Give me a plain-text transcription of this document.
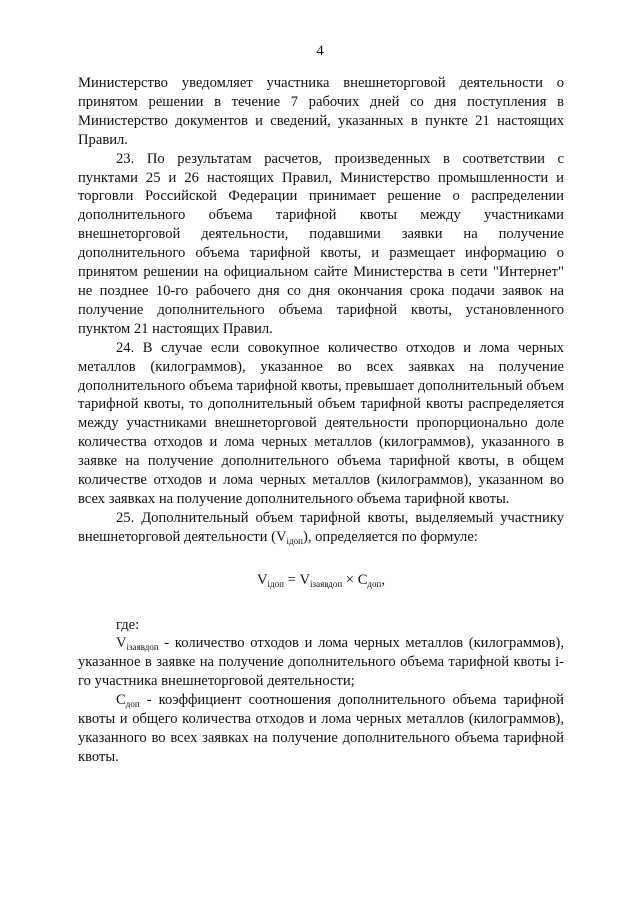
4

Министерство уведомляет участника внешнеторговой деятельности о принятом решении в течение 7 рабочих дней со дня поступления в Министерство документов и сведений, указанных в пункте 21 настоящих Правил.

23. По результатам расчетов, произведенных в соответствии с пунктами 25 и 26 настоящих Правил, Министерство промышленности и торговли Российской Федерации принимает решение о распределении дополнительного объема тарифной квоты между участниками внешнеторговой деятельности, подавшими заявки на получение дополнительного объема тарифной квоты, и размещает информацию о принятом решении на официальном сайте Министерства в сети "Интернет" не позднее 10-го рабочего дня со дня окончания срока подачи заявок на получение дополнительного объема тарифной квоты, установленного пунктом 21 настоящих Правил.

24. В случае если совокупное количество отходов и лома черных металлов (килограммов), указанное во всех заявках на получение дополнительного объема тарифной квоты, превышает дополнительный объем тарифной квоты, то дополнительный объем тарифной квоты распределяется между участниками внешнеторговой деятельности пропорционально доле количества отходов и лома черных металлов (килограммов), указанного в заявке на получение дополнительного объема тарифной квоты, в общем количестве отходов и лома черных металлов (килограммов), указанном во всех заявках на получение дополнительного объема тарифной квоты.

25. Дополнительный объем тарифной квоты, выделяемый участнику внешнеторговой деятельности $(V_{iдоп})$, определяется по формуле:

$V_{iдоп} = V_{iзаявдоп} \times C_{доп}$,

где:

$V_{iзаявдоп}$ - количество отходов и лома черных металлов (килограммов), указанное в заявке на получение дополнительного объема тарифной квоты i-го участника внешнеторговой деятельности;

$C_{доп}$ - коэффициент соотношения дополнительного объема тарифной квоты и общего количества отходов и лома черных металлов (килограммов), указанного во всех заявках на получение дополнительного объема тарифной квоты.
